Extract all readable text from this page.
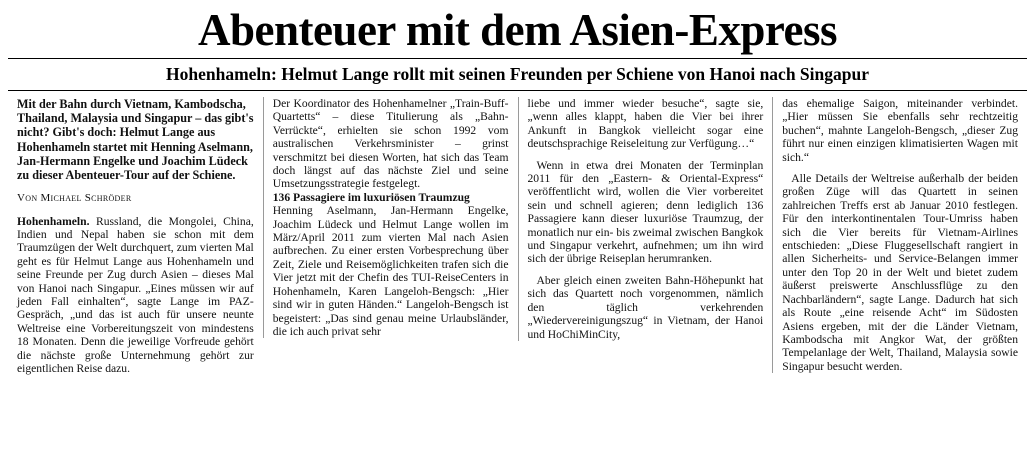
Abenteuer mit dem Asien-Express
Hohenhameln: Helmut Lange rollt mit seinen Freunden per Schiene von Hanoi nach Singapur

Mit der Bahn durch Vietnam, Kambodscha, Thailand, Malaysia und Singapur – das gibt's nicht? Gibt's doch: Helmut Lange aus Hohenhameln startet mit Henning Aselmann, Jan-Hermann Engelke und Joachim Lüdeck zu dieser Abenteuer-Tour auf der Schiene.

Von Michael Schröder

Hohenhameln. Russland, die Mongolei, China, Indien und Nepal haben sie schon mit dem Traumzügen der Welt durchquert, zum vierten Mal geht es für Helmut Lange aus Hohenhameln und seine Freunde per Zug durch Asien – dieses Mal von Hanoi nach Singapur. „Eines müssen wir auf jeden Fall einhalten“, sagte Lange im PAZ-Gespräch, „und das ist auch für unsere neunte Weltreise eine Vorbereitungszeit von mindestens 18 Monaten. Denn die jeweilige Vorfreude gehört die nächste große Unternehmung gehört zur eigentlichen Reise dazu.

Der Koordinator des Hohenhamelner „Train-Buff-Quartetts“ – diese Titulierung als „Bahn-Verrückte“, erhielten sie schon 1992 vom australischen Verkehrsminister – grinst verschmitzt bei diesen Worten, hat sich das Team doch längst auf das nächste Ziel und seine Umsetzungsstrategie festgelegt.

136 Passagiere im luxuriösen Traumzug

Henning Aselmann, Jan-Hermann Engelke, Joachim Lüdeck und Helmut Lange wollen im März/April 2011 zum vierten Mal nach Asien aufbrechen. Zu einer ersten Vorbesprechung über Zeit, Ziele und Reisemöglichkeiten trafen sich die Vier jetzt mit der Chefin des TUI-ReiseCenters in Hohenhameln, Karen Langeloh-Bengsch: „Hier sind wir in guten Händen.“ Langeloh-Bengsch ist begeistert: „Das sind genau meine Urlaubsländer, die ich auch privat sehr

liebe und immer wieder besuche“, sagte sie, „wenn alles klappt, haben die Vier bei ihrer Ankunft in Bangkok vielleicht sogar eine deutschsprachige Reiseleitung zur Verfügung…“

Wenn in etwa drei Monaten der Terminplan 2011 für den „Eastern- & Oriental-Express“ veröffentlicht wird, wollen die Vier vorbereitet sein und schnell agieren; denn lediglich 136 Passagiere kann dieser luxuriöse Traumzug, der monatlich nur ein- bis zweimal zwischen Bangkok und Singapur verkehrt, aufnehmen; um ihn wird sich der übrige Reiseplan herumranken.

Aber gleich einen zweiten Bahn-Höhepunkt hat sich das Quartett noch vorgenommen, nämlich den täglich verkehrenden „Wiedervereinigungszug“ in Vietnam, der Hanoi und HoChiMinCity,

das ehemalige Saigon, miteinander verbindet. „Hier müssen Sie ebenfalls sehr rechtzeitig buchen“, mahnte Langeloh-Bengsch, „dieser Zug führt nur einen einzigen klimatisierten Wagen mit sich.“

Alle Details der Weltreise außerhalb der beiden großen Züge will das Quartett in seinen zahlreichen Treffs erst ab Januar 2010 festlegen. Für den interkontinentalen Tour-Umriss haben sich die Vier bereits für Vietnam-Airlines entschieden: „Diese Fluggesellschaft rangiert in allen Sicherheits- und Service-Belangen immer unter den Top 20 in der Welt und bietet zudem äußerst preiswerte Anschlussflüge zu den Nachbarländern“, sagte Lange. Dadurch hat sich als Route „eine reisende Acht“ im Südosten Asiens ergeben, mit der die Länder Vietnam, Kambodscha mit Angkor Wat, der größten Tempelanlage der Welt, Thailand, Malaysia sowie Singapur besucht werden.
